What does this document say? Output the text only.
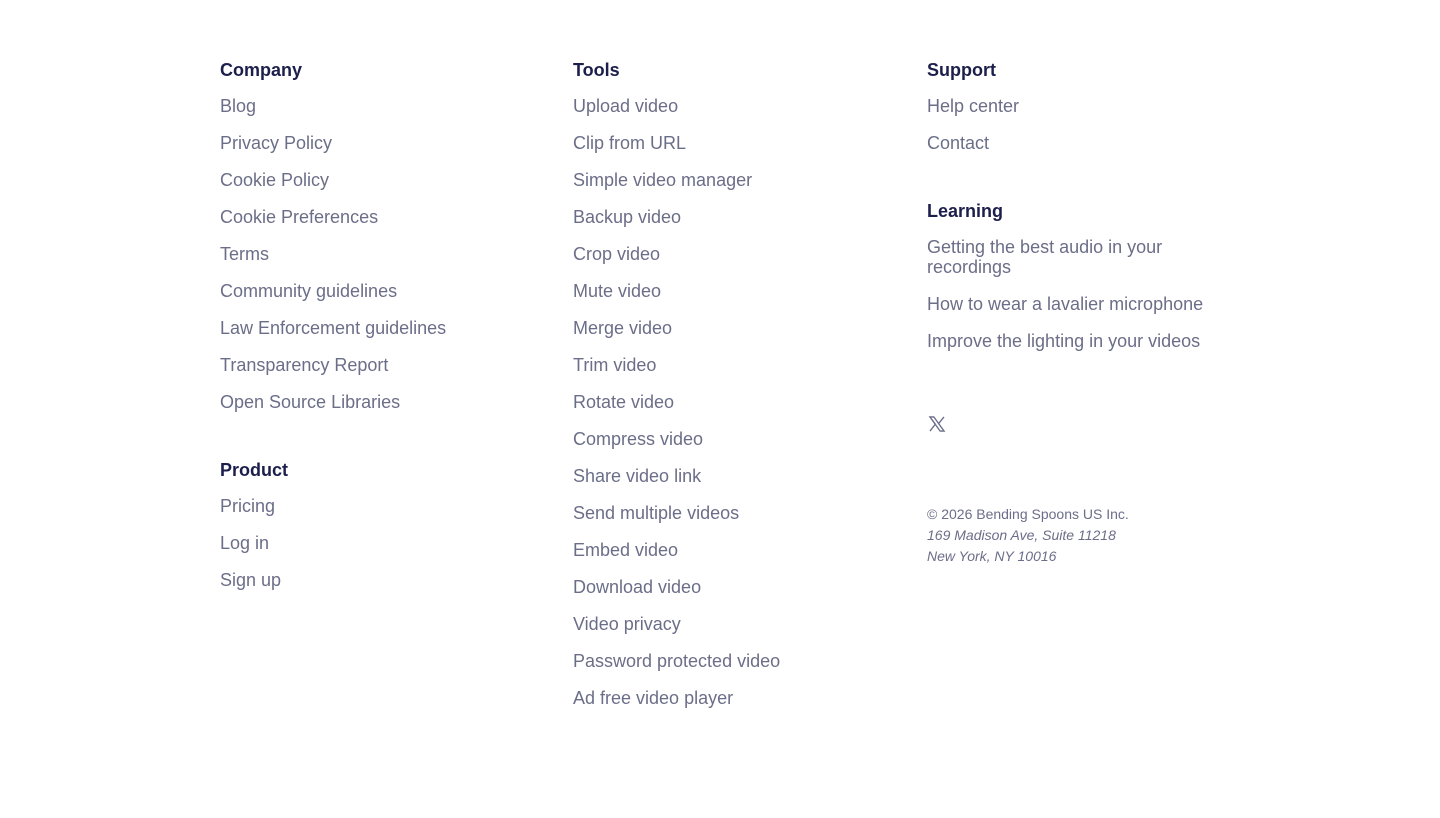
Company
Blog
Privacy Policy
Cookie Policy
Cookie Preferences
Terms
Community guidelines
Law Enforcement guidelines
Transparency Report
Open Source Libraries
Product
Pricing
Log in
Sign up
Tools
Upload video
Clip from URL
Simple video manager
Backup video
Crop video
Mute video
Merge video
Trim video
Rotate video
Compress video
Share video link
Send multiple videos
Embed video
Download video
Video privacy
Password protected video
Ad free video player
Support
Help center
Contact
Learning
Getting the best audio in your recordings
How to wear a lavalier microphone
Improve the lighting in your videos
© 2026 Bending Spoons US Inc.
169 Madison Ave, Suite 11218
New York, NY 10016
